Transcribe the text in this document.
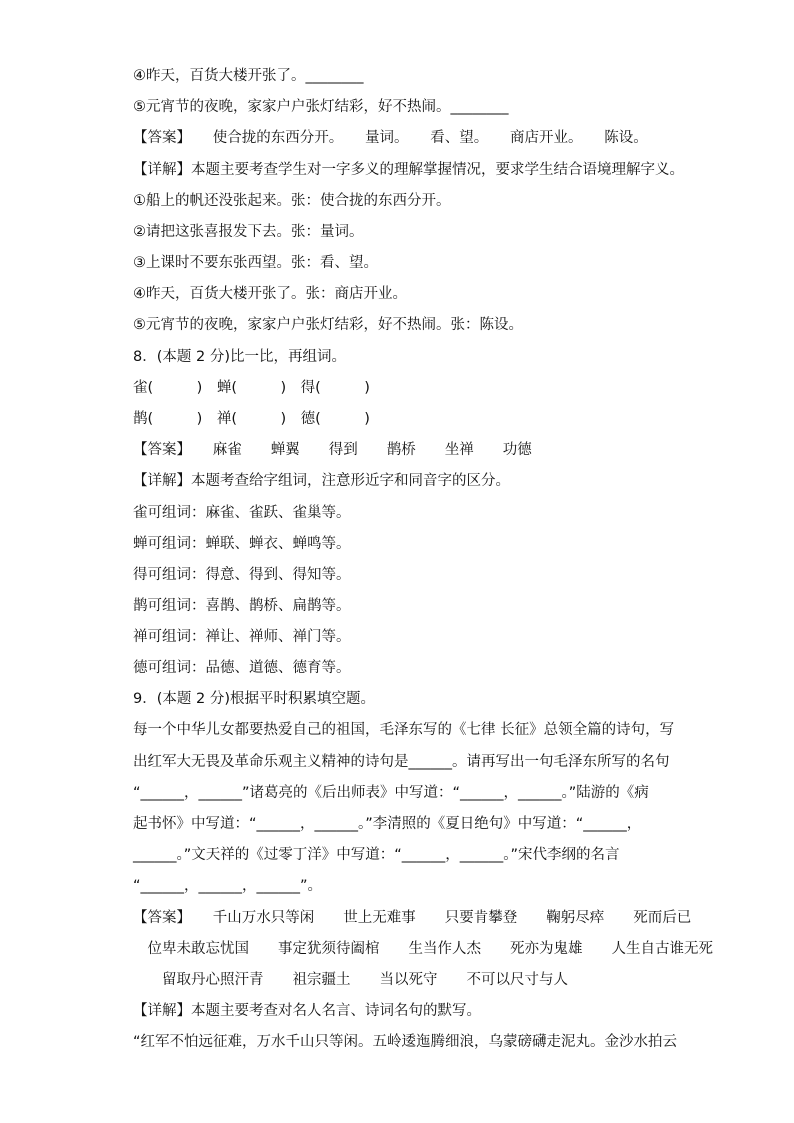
④昨天，百货大楼开张了。________
⑤元宵节的夜晚，家家户户张灯结彩，好不热闹。________
【答案】　　使合拢的东西分开。　　量词。　　看、望。　　商店开业。　　陈设。
【详解】本题主要考查学生对一字多义的理解掌握情况，要求学生结合语境理解字义。
①船上的帆还没张起来。张：使合拢的东西分开。
②请把这张喜报发下去。张：量词。
③上课时不要东张西望。张：看、望。
④昨天，百货大楼开张了。张：商店开业。
⑤元宵节的夜晚，家家户户张灯结彩，好不热闹。张：陈设。
8．(本题 2 分)比一比，再组词。
雀(　　　)　蝉(　　　)　得(　　　)
鹊(　　　)　禅(　　　)　德(　　　)
【答案】　　麻雀　　蝉翼　　得到　　鹊桥　　坐禅　　功德
【详解】本题考查给字组词，注意形近字和同音字的区分。
雀可组词：麻雀、雀跃、雀巢等。
蝉可组词：蝉联、蝉衣、蝉鸣等。
得可组词：得意、得到、得知等。
鹊可组词：喜鹊、鹊桥、扁鹊等。
禅可组词：禅让、禅师、禅门等。
德可组词：品德、道德、德育等。
9．(本题 2 分)根据平时积累填空题。
每一个中华儿女都要热爱自己的祖国，毛泽东写的《七律 长征》总领全篇的诗句，写
出红军大无畏及革命乐观主义精神的诗句是______。请再写出一句毛泽东所写的名句
“______，______”诸葛亮的《后出师表》中写道：“______，______。”陆游的《病
起书怀》中写道：“______，______。”李清照的《夏日绝句》中写道：“______，
______。”文天祥的《过零丁洋》中写道：“______，______。”宋代李纲的名言
“______，______，______”。
【答案】　　千山万水只等闲　　世上无难事　　只要肯攀登　　鞠躬尽瘁　　死而后已
　位卑未敢忘忧国　　事定犹须待阖棺　　生当作人杰　　死亦为鬼雄　　人生自古谁无死
　　留取丹心照汗青　　祖宗疆土　　当以死守　　不可以尺寸与人
【详解】本题主要考查对名人名言、诗词名句的默写。
“红军不怕远征难，万水千山只等闲。五岭逶迤腾细浪，乌蒙磅礴走泥丸。金沙水拍云
